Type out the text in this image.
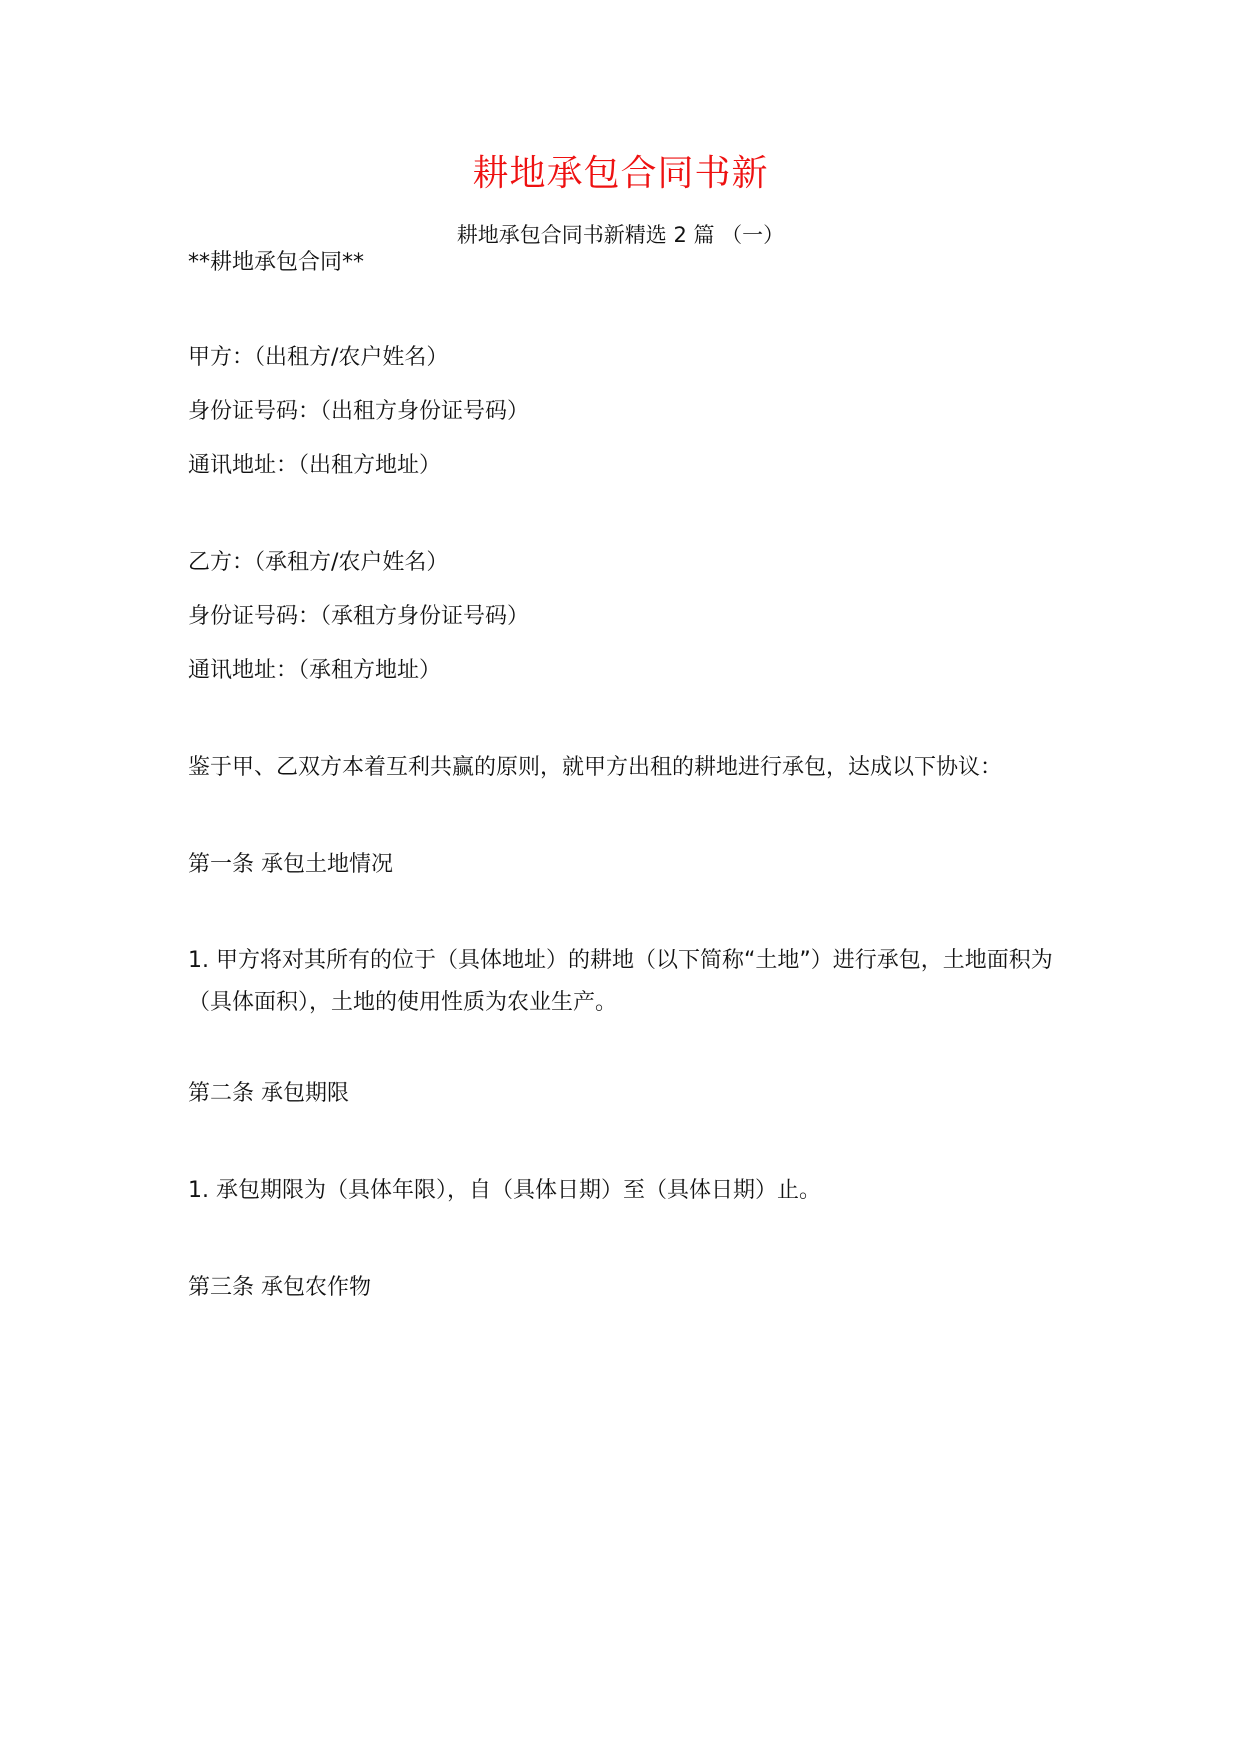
耕地承包合同书新
耕地承包合同书新精选 2 篇 （一）
**耕地承包合同**
甲方：（出租方/农户姓名）
身份证号码：（出租方身份证号码）
通讯地址：（出租方地址）
乙方：（承租方/农户姓名）
身份证号码：（承租方身份证号码）
通讯地址：（承租方地址）
鉴于甲、乙双方本着互利共赢的原则，就甲方出租的耕地进行承包，达成以下协议：
第一条 承包土地情况
1. 甲方将对其所有的位于（具体地址）的耕地（以下简称“土地”）进行承包，土地面积为（具体面积），土地的使用性质为农业生产。
第二条 承包期限
1. 承包期限为（具体年限），自（具体日期）至（具体日期）止。
第三条 承包农作物
